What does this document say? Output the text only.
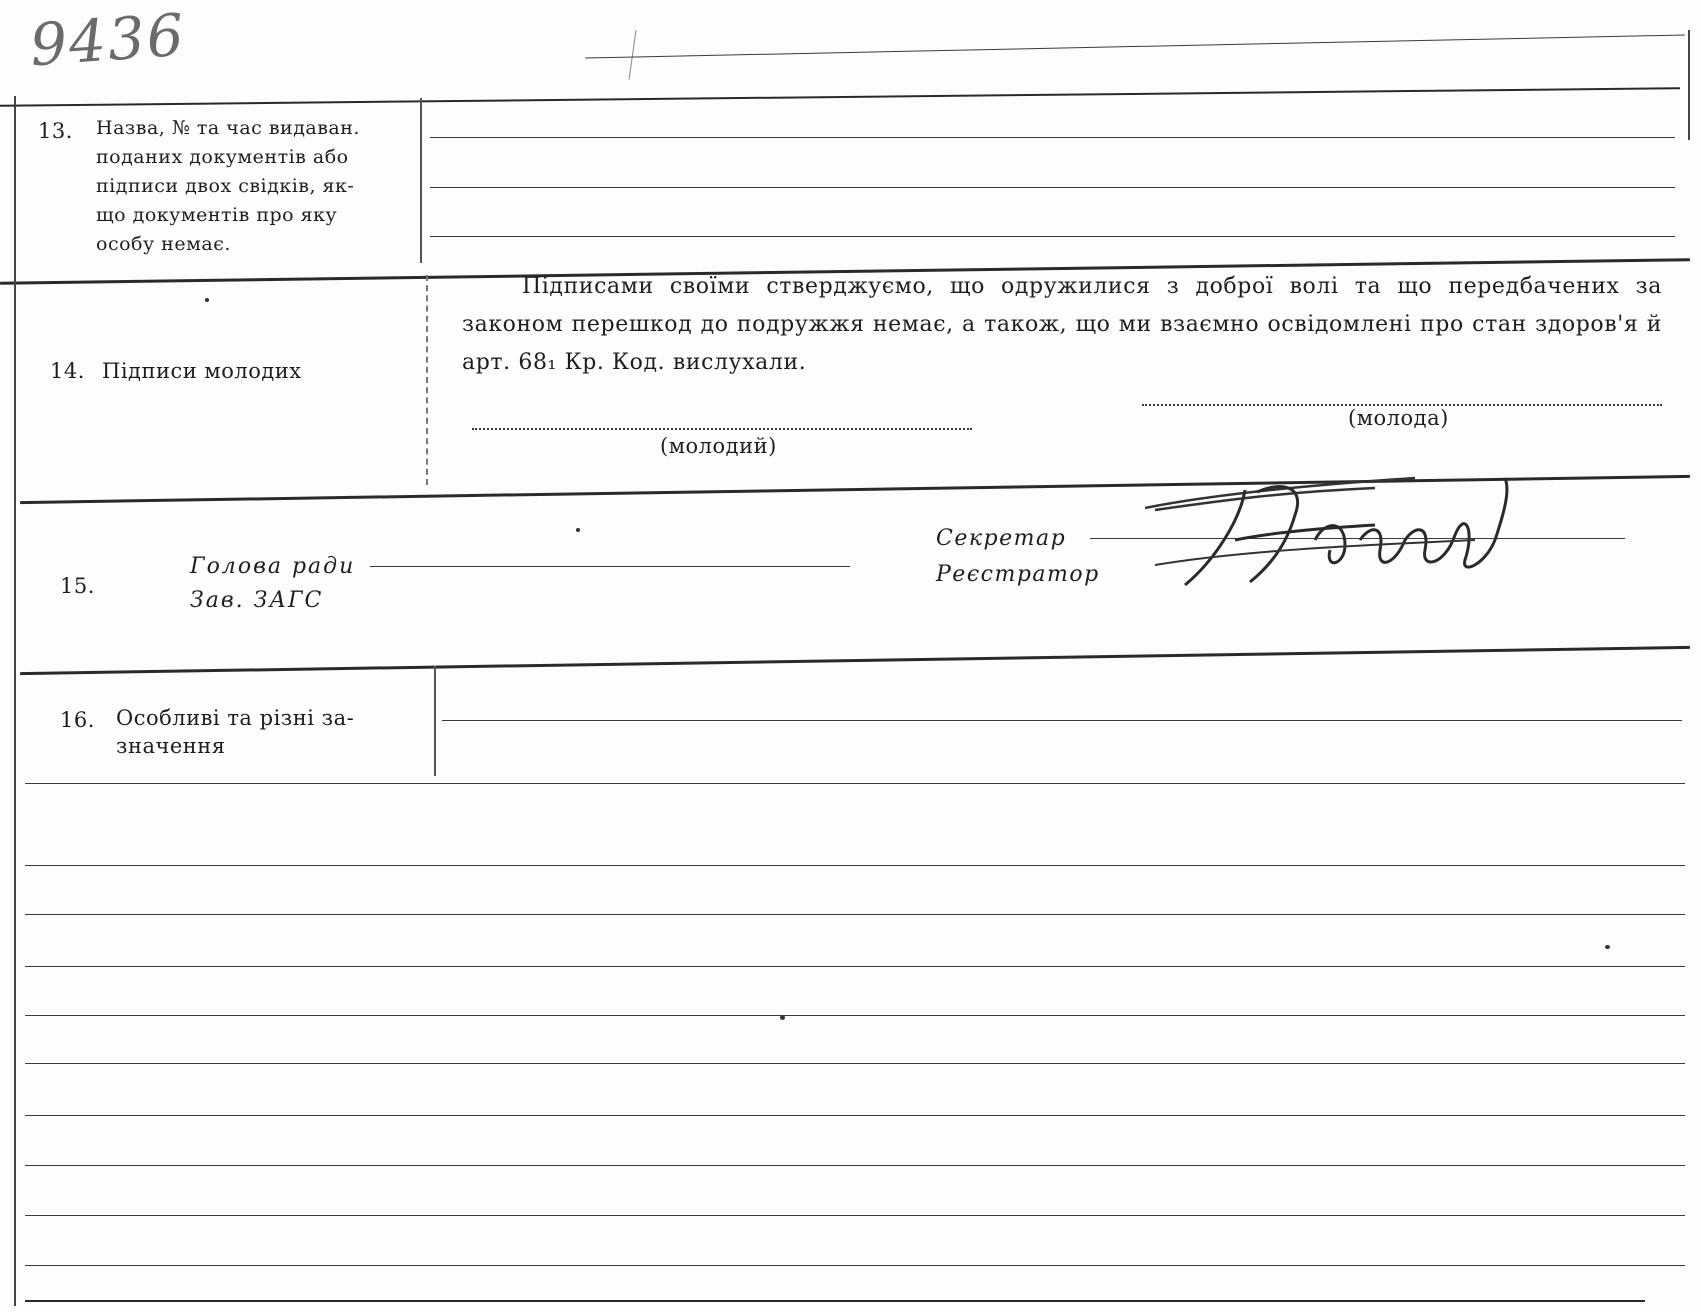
9436
13. Назва, № та час видаван.
поданих документів або
підписи двох свідків, як-
що документів про яку
особу немає.
14. Підписи молодих
Підписами своїми стверджуємо, що одружилися з доброї волі та що передбачених за законом перешкод до подружжя немає, а також, що ми взаємно освідомлені про стан здоров'я й арт. 68₁ Кр. Код. вислухали.
(молодий)
(молода)
15.
Голова ради
Зав. ЗАГС
Секретар
Реєстратор
16. Особливі та різні за-
значення
